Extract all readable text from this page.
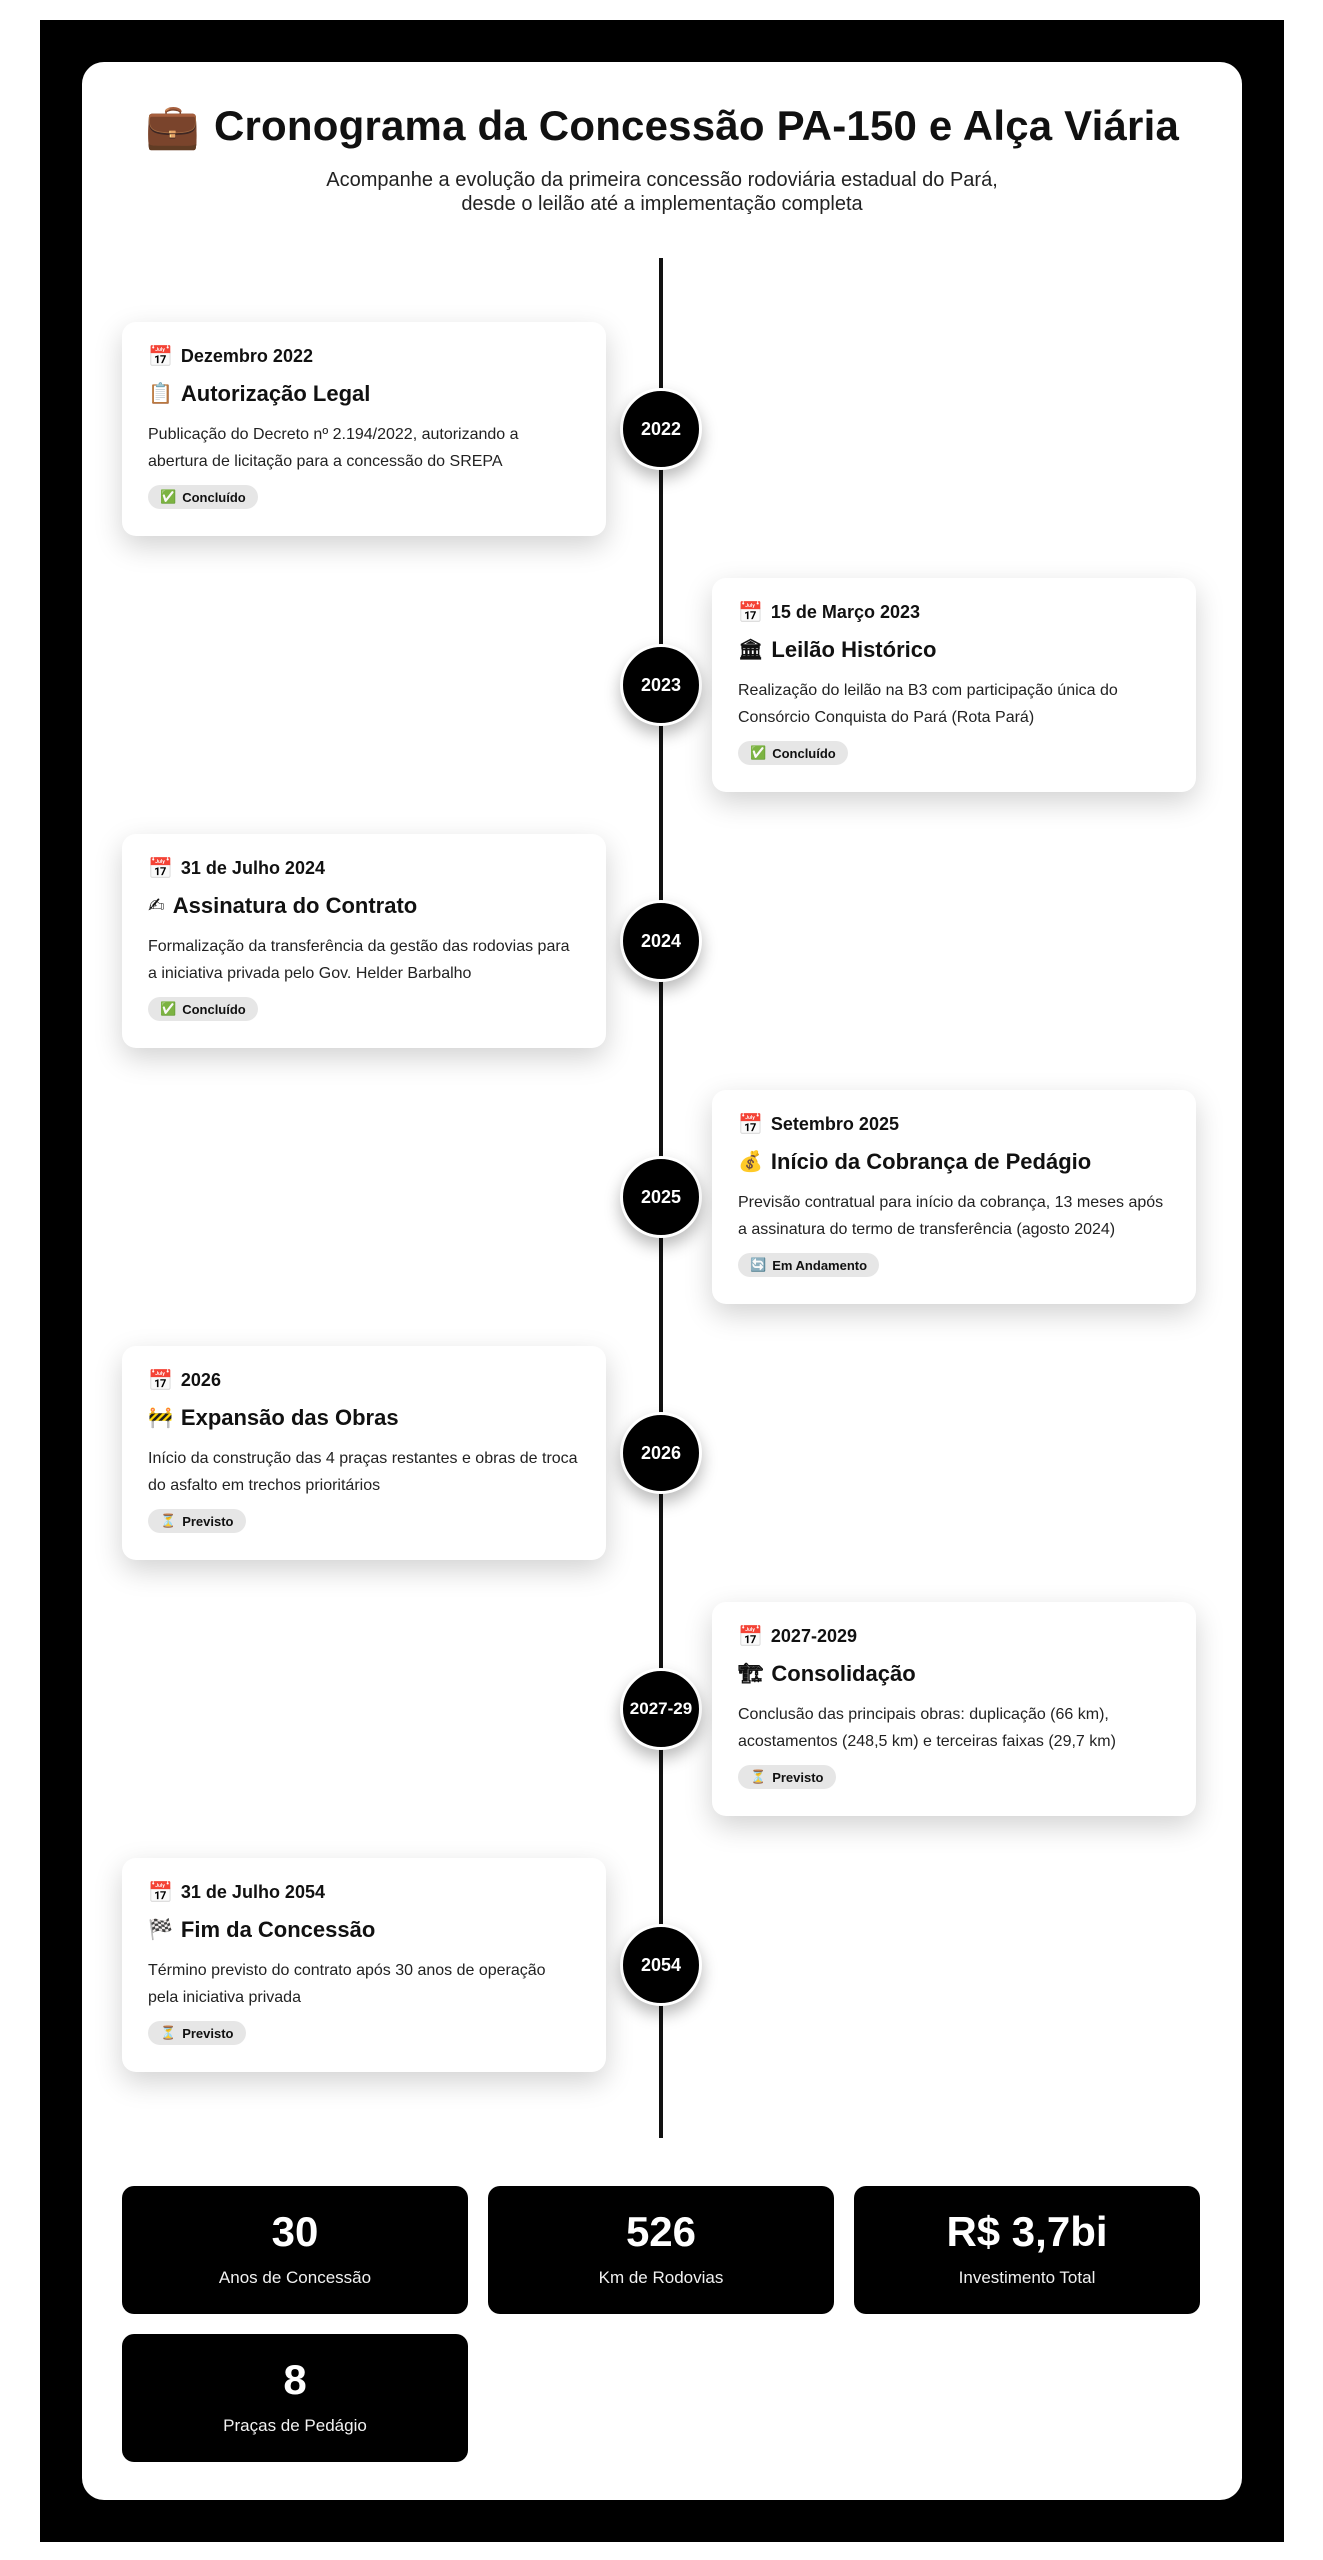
💼 Cronograma da Concessão PA-150 e Alça Viária
Acompanhe a evolução da primeira concessão rodoviária estadual do Pará, desde o leilão até a implementação completa
2022
📅 Dezembro 2022
📋 Autorização Legal
Publicação do Decreto nº 2.194/2022, autorizando a abertura de licitação para a concessão do SREPA
✅ Concluído
2023
📅 15 de Março 2023
🏛 Leilão Histórico
Realização do leilão na B3 com participação única do Consórcio Conquista do Pará (Rota Pará)
✅ Concluído
2024
📅 31 de Julho 2024
✍ Assinatura do Contrato
Formalização da transferência da gestão das rodovias para a iniciativa privada pelo Gov. Helder Barbalho
✅ Concluído
2025
📅 Setembro 2025
💰 Início da Cobrança de Pedágio
Previsão contratual para início da cobrança, 13 meses após a assinatura do termo de transferência (agosto 2024)
🔄 Em Andamento
2026
📅 2026
🚧 Expansão das Obras
Início da construção das 4 praças restantes e obras de troca do asfalto em trechos prioritários
⏳ Previsto
2027-29
📅 2027-2029
🏗 Consolidação
Conclusão das principais obras: duplicação (66 km), acostamentos (248,5 km) e terceiras faixas (29,7 km)
⏳ Previsto
2054
📅 31 de Julho 2054
🏁 Fim da Concessão
Término previsto do contrato após 30 anos de operação pela iniciativa privada
⏳ Previsto
30
Anos de Concessão
526
Km de Rodovias
R$ 3,7bi
Investimento Total
8
Praças de Pedágio
